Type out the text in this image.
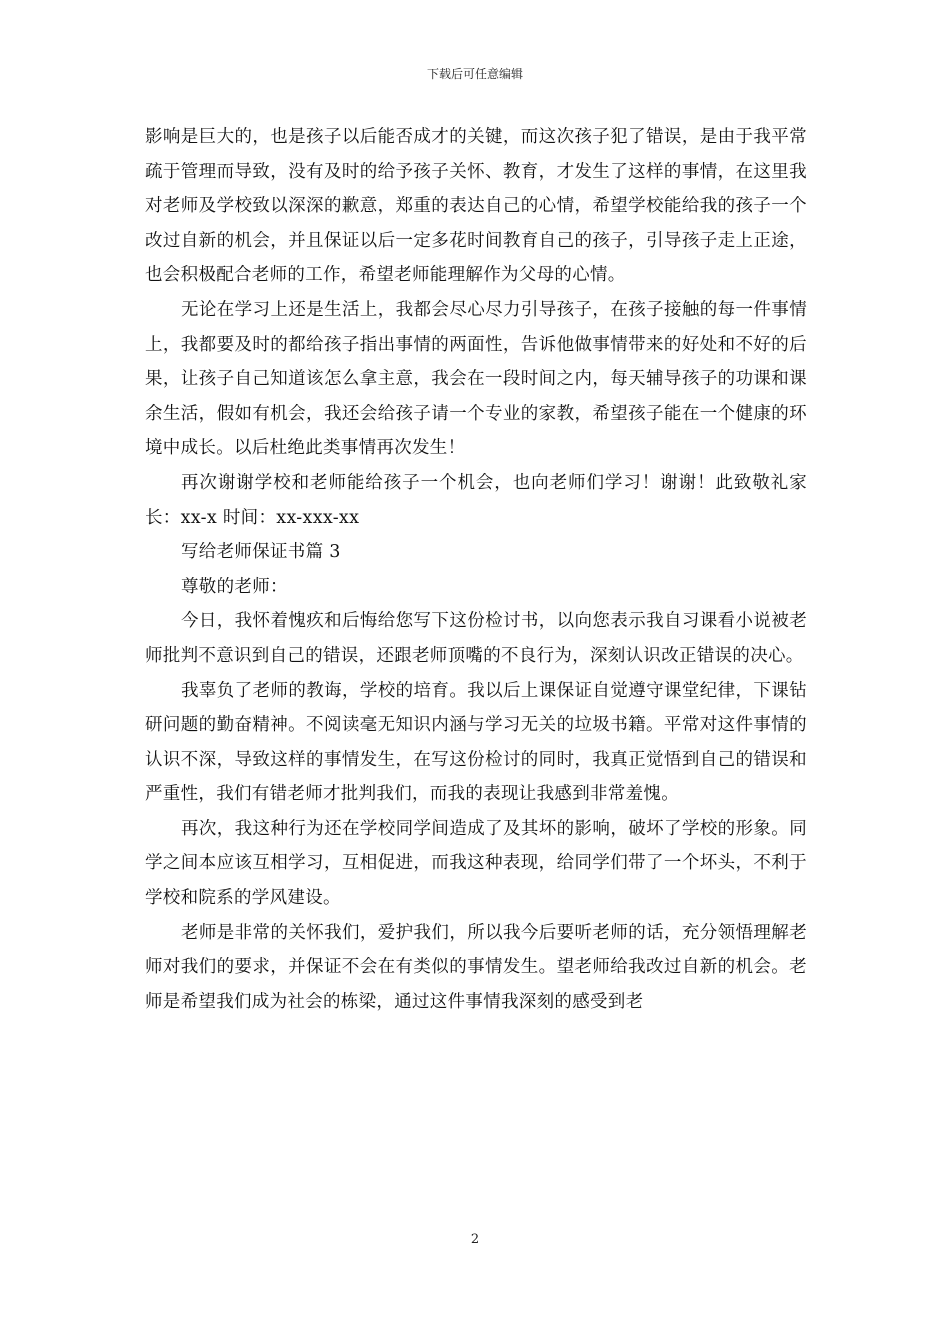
下载后可任意编辑

影响是巨大的，也是孩子以后能否成才的关键，而这次孩子犯了错误，是由于我平常疏于管理而导致，没有及时的给予孩子关怀、教育，才发生了这样的事情，在这里我对老师及学校致以深深的歉意，郑重的表达自己的心情，希望学校能给我的孩子一个改过自新的机会，并且保证以后一定多花时间教育自己的孩子，引导孩子走上正途，也会积极配合老师的工作，希望老师能理解作为父母的心情。

无论在学习上还是生活上，我都会尽心尽力引导孩子，在孩子接触的每一件事情上，我都要及时的都给孩子指出事情的两面性，告诉他做事情带来的好处和不好的后果，让孩子自己知道该怎么拿主意，我会在一段时间之内，每天辅导孩子的功课和课余生活，假如有机会，我还会给孩子请一个专业的家教，希望孩子能在一个健康的环境中成长。以后杜绝此类事情再次发生！

再次谢谢学校和老师能给孩子一个机会，也向老师们学习！谢谢！此致敬礼家长：xx-x 时间：xx-xxx-xx

写给老师保证书篇 3

尊敬的老师：

今日，我怀着愧疚和后悔给您写下这份检讨书，以向您表示我自习课看小说被老师批判不意识到自己的错误，还跟老师顶嘴的不良行为，深刻认识改正错误的决心。

我辜负了老师的教诲，学校的培育。我以后上课保证自觉遵守课堂纪律，下课钻研问题的勤奋精神。不阅读毫无知识内涵与学习无关的垃圾书籍。平常对这件事情的认识不深，导致这样的事情发生，在写这份检讨的同时，我真正觉悟到自己的错误和严重性，我们有错老师才批判我们，而我的表现让我感到非常羞愧。

再次，我这种行为还在学校同学间造成了及其坏的影响，破坏了学校的形象。同学之间本应该互相学习，互相促进，而我这种表现，给同学们带了一个坏头，不利于学校和院系的学风建设。

老师是非常的关怀我们，爱护我们，所以我今后要听老师的话，充分领悟理解老师对我们的要求，并保证不会在有类似的事情发生。望老师给我改过自新的机会。老师是希望我们成为社会的栋梁，通过这件事情我深刻的感受到老

2
